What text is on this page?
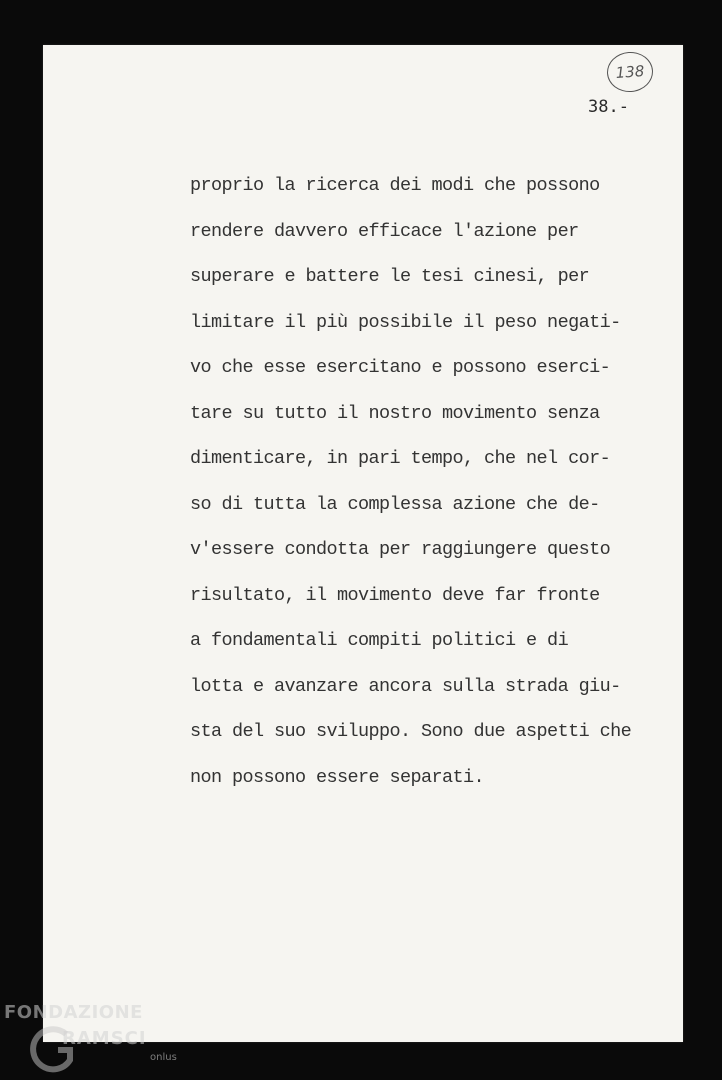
138
38.-
proprio la ricerca dei modi che possono
rendere davvero efficace l'azione per
superare e battere le tesi cinesi, per
limitare il più possibile il peso negati-
vo che esse esercitano e possono eserci-
tare su tutto il nostro movimento senza
dimenticare, in pari tempo, che nel cor-
so di tutta la complessa azione che de-
v'essere condotta per raggiungere questo
risultato, il movimento deve far fronte
a fondamentali compiti politici e di
lotta e avanzare ancora sulla strada giu-
sta del suo sviluppo. Sono due aspetti che
non possono essere separati.
FONDAZIONE
RAMSCI
onlus
